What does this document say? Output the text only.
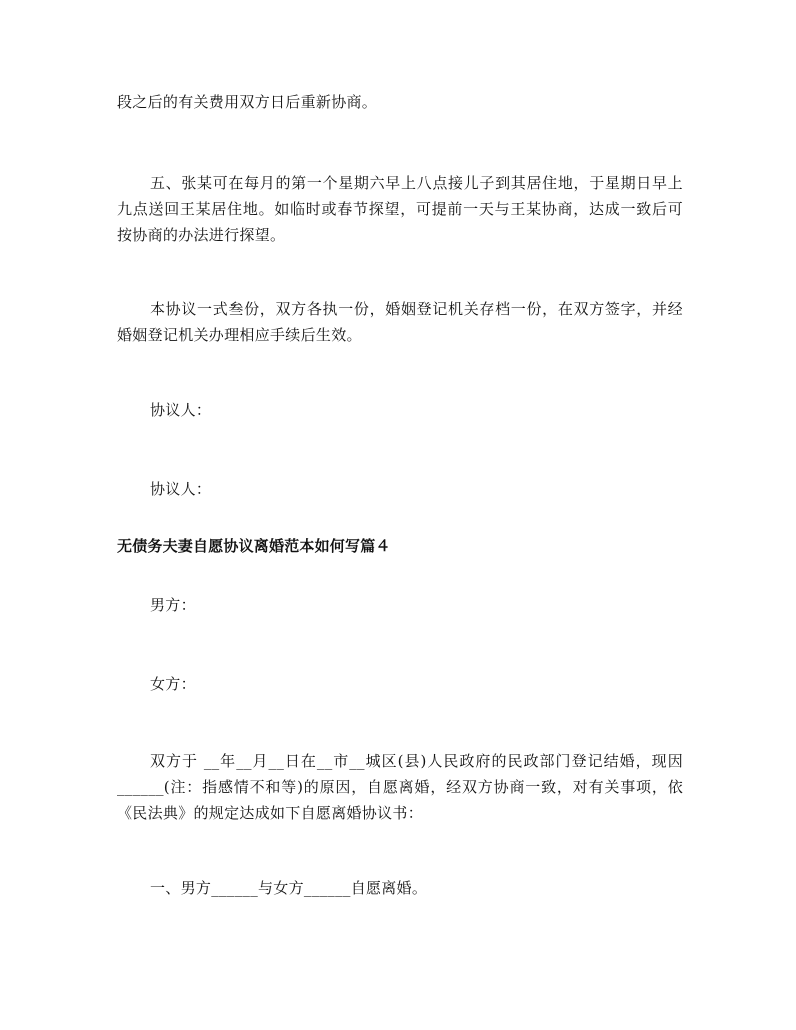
段之后的有关费用双方日后重新协商。

五、张某可在每月的第一个星期六早上八点接儿子到其居住地，于星期日早上九点送回王某居住地。如临时或春节探望，可提前一天与王某协商，达成一致后可按协商的办法进行探望。

本协议一式叁份，双方各执一份，婚姻登记机关存档一份，在双方签字，并经婚姻登记机关办理相应手续后生效。

协议人：

协议人：

无债务夫妻自愿协议离婚范本如何写篇４

男方：

女方：

双方于 __年__月__日在__市__城区(县)人民政府的民政部门登记结婚，现因______(注：指感情不和等)的原因，自愿离婚，经双方协商一致，对有关事项，依《民法典》的规定达成如下自愿离婚协议书：

一、男方______与女方______自愿离婚。
